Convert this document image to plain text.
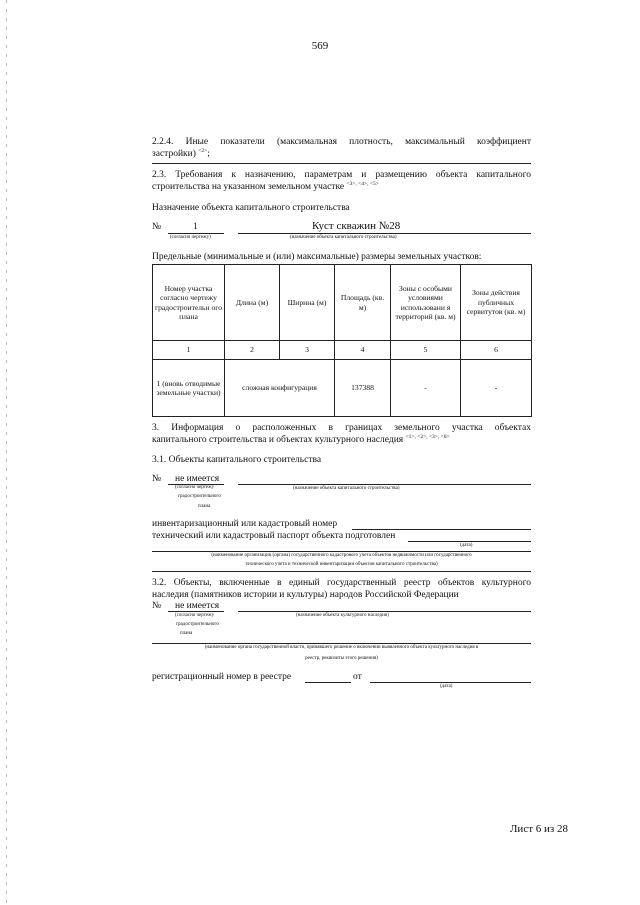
569
2.2.4. Иные показатели (максимальная плотность, максимальный коэффициент
застройки) $^{<2>}$;
2.3. Требования к назначению, параметрам и размещению объекта капитального
строительства на указанном земельном участке $^{<3>, <4>, <5>}$
Назначение объекта капитального строительства
№	1	Куст скважин №28
(согласно чертежу)	(назначение объекта капитального строительства)
Предельные (минимальные и (или) максимальные) размеры земельных участков:
Номер участка согласно чертежу градостроительн ого плана	Длина (м)	Ширина (м)	Площадь (кв. м)	Зоны с особыми условиями использовани я территорий (кв. м)	Зоны действия публичных сервитутов (кв. м)
1	2	3	4	5	6
1 (вновь отводимые земельные участки)	сложная конфигурация		137388	-	-
3. Информация о расположенных в границах земельного участка объектах
капитального строительства и объектах культурного наследия $^{<1>, <2>, <3>, <6>}$
3.1. Объекты капитального строительства
№ не имеется
(согласно чертежу
градостроительного
плана
(назначение объекта капитального строительства)
инвентаризационный или кадастровый номер
технический или кадастровый паспорт объекта подготовлен
(дата)
(наименование организации (органа) государственного кадастрового учета объектов недвижимости или государственного
технического учета и технической инвентаризации объектов капитального строительства)
3.2. Объекты, включенные в единый государственный реестр объектов культурного
наследия (памятников истории и культуры) народов Российской Федерации
№ не имеется
(согласно чертежу
градостроительного
плана
(назначение объекта культурного наследия)
(наименование органа государственной власти, принявшего решение о включении выявленного объекта культурного наследия в
реестр, реквизиты этого решения)
регистрационный номер в реестре	от
(дата)
Лист 6 из 28
